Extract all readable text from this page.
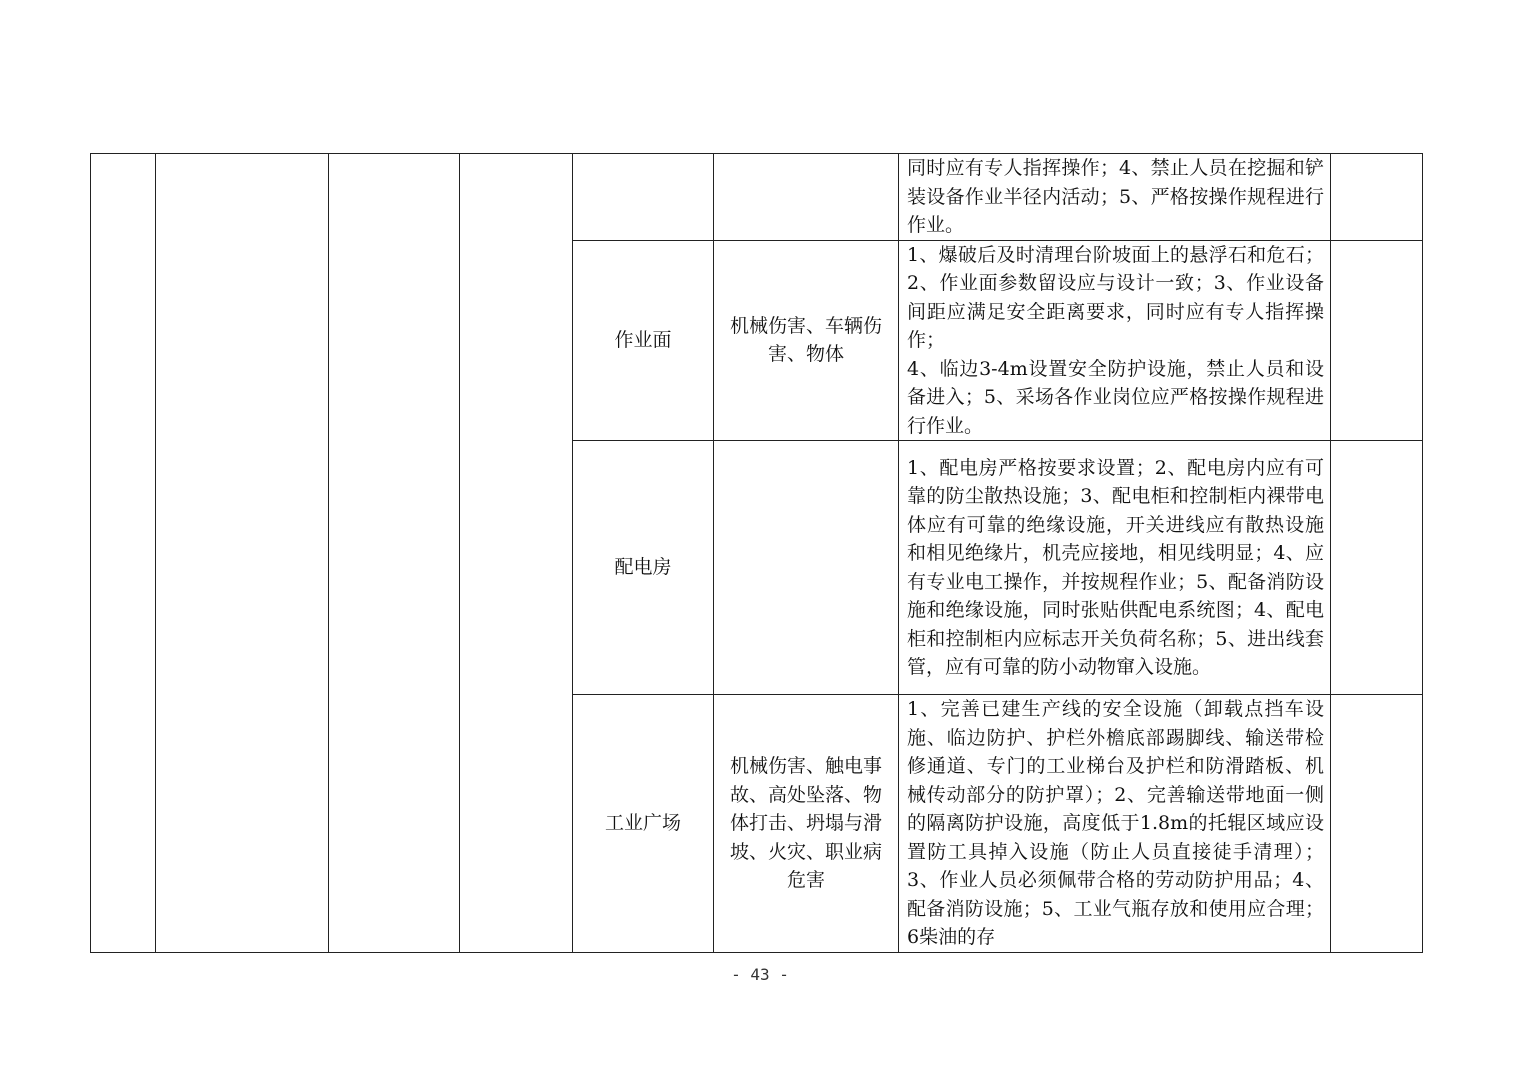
						同时应有专人指挥操作；4、禁止人员在挖掘和铲装设备作业半径内活动；5、严格按操作规程进行作业。	
				作业面	机械伤害、车辆伤害、物体	1、爆破后及时清理台阶坡面上的悬浮石和危石；2、作业面参数留设应与设计一致；3、作业设备间距应满足安全距离要求，同时应有专人指挥操作；
4、临边3-4m设置安全防护设施，禁止人员和设备进入；5、采场各作业岗位应严格按操作规程进行作业。	
				配电房		1、配电房严格按要求设置；2、配电房内应有可靠的防尘散热设施；3、配电柜和控制柜内裸带电体应有可靠的绝缘设施，开关进线应有散热设施和相见绝缘片，机壳应接地，相见线明显；4、应有专业电工操作，并按规程作业；5、配备消防设施和绝缘设施，同时张贴供配电系统图；4、配电柜和控制柜内应标志开关负荷名称；5、进出线套管，应有可靠的防小动物窜入设施。	
				工业广场	机械伤害、触电事故、高处坠落、物体打击、坍塌与滑坡、火灾、职业病危害	1、完善已建生产线的安全设施（卸载点挡车设施、临边防护、护栏外檐底部踢脚线、输送带检修通道、专门的工业梯台及护栏和防滑踏板、机械传动部分的防护罩）；2、完善输送带地面一侧的隔离防护设施，高度低于1.8m的托辊区域应设置防工具掉入设施（防止人员直接徒手清理）；3、作业人员必须佩带合格的劳动防护用品；4、配备消防设施；5、工业气瓶存放和使用应合理；6柴油的存	
- 43 -
